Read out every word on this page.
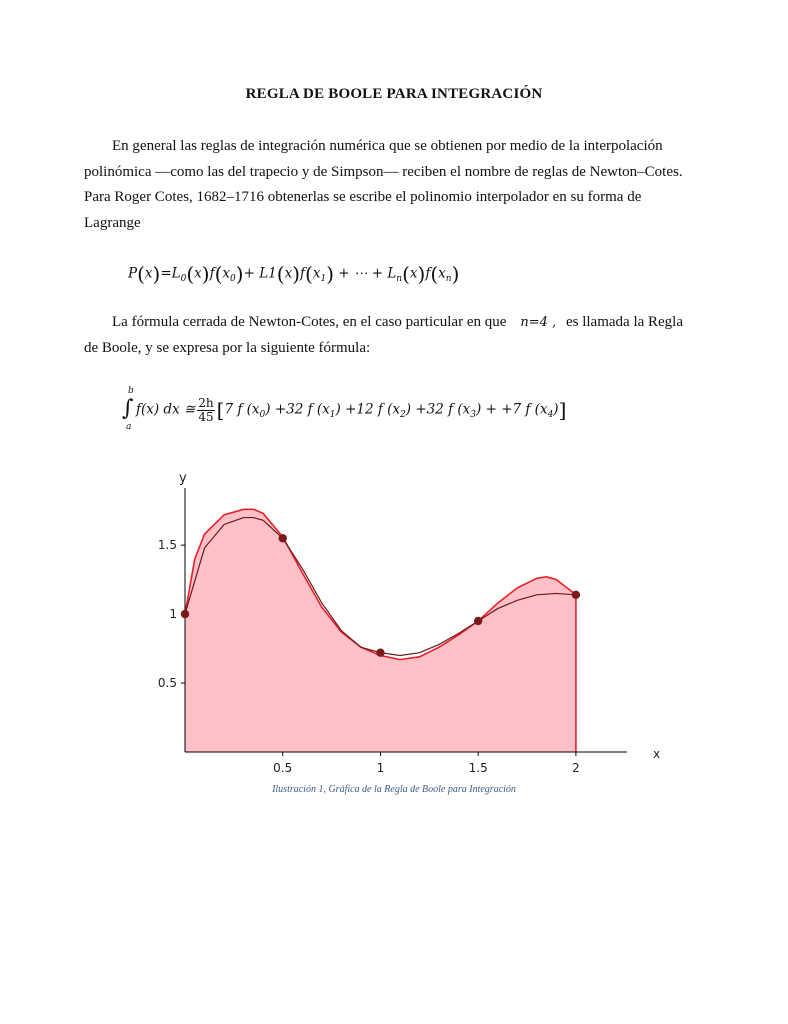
REGLA DE BOOLE PARA INTEGRACIÓN

En general las reglas de integración numérica que se obtienen por medio de la interpolación polinómica —como las del trapecio y de Simpson— reciben el nombre de reglas de Newton–Cotes. Para Roger Cotes, 1682–1716 obtenerlas se escribe el polinomio interpolador en su forma de Lagrange

$P(x)=L_0(x)f(x_0)+ L1(x)f(x_1)$ + ⋯ + $L_n(x)f(x_n)$

La fórmula cerrada de Newton-Cotes, en el caso particular en que n=4 , es llamada la Regla de Boole, y se expresa por la siguiente fórmula:

b
∫
a
f(x) dx ≅ $\frac{2h}{45} [7$ f $(x_0) +32$ f $(x_1) +12$ f $(x_2) +32$ f $(x_3) + +7$ f $(x_4)$]
0.5	1	1.5	2
0.5
1
1.5
x
y
Ilustración 1, Gráfica de la Regla de Boole para Integración
